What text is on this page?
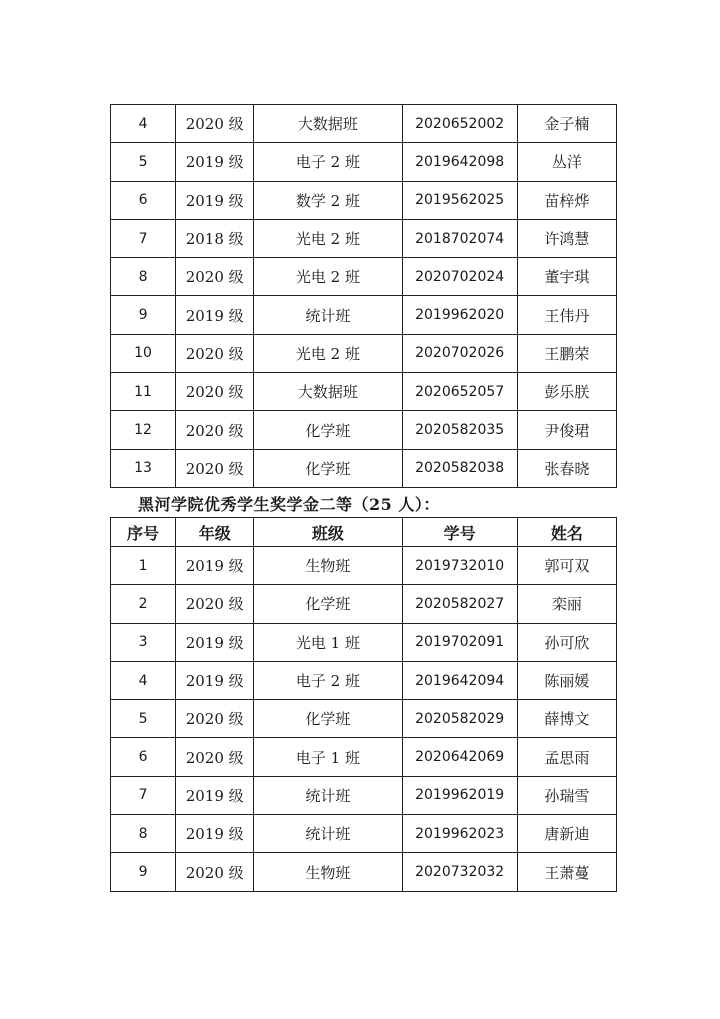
4	2020 级	大数据班	2020652002	金子楠
5	2019 级	电子 2 班	2019642098	丛洋
6	2019 级	数学 2 班	2019562025	苗梓烨
7	2018 级	光电 2 班	2018702074	许鸿慧
8	2020 级	光电 2 班	2020702024	董宇琪
9	2019 级	统计班	2019962020	王伟丹
10	2020 级	光电 2 班	2020702026	王鹏荣
11	2020 级	大数据班	2020652057	彭乐朕
12	2020 级	化学班	2020582035	尹俊珺
13	2020 级	化学班	2020582038	张春晓
黑河学院优秀学生奖学金二等（25 人）：
序号	年级	班级	学号	姓名
1	2019 级	生物班	2019732010	郭可双
2	2020 级	化学班	2020582027	栾丽
3	2019 级	光电 1 班	2019702091	孙可欣
4	2019 级	电子 2 班	2019642094	陈丽媛
5	2020 级	化学班	2020582029	薛博文
6	2020 级	电子 1 班	2020642069	孟思雨
7	2019 级	统计班	2019962019	孙瑞雪
8	2019 级	统计班	2019962023	唐新迪
9	2020 级	生物班	2020732032	王萧蔓
